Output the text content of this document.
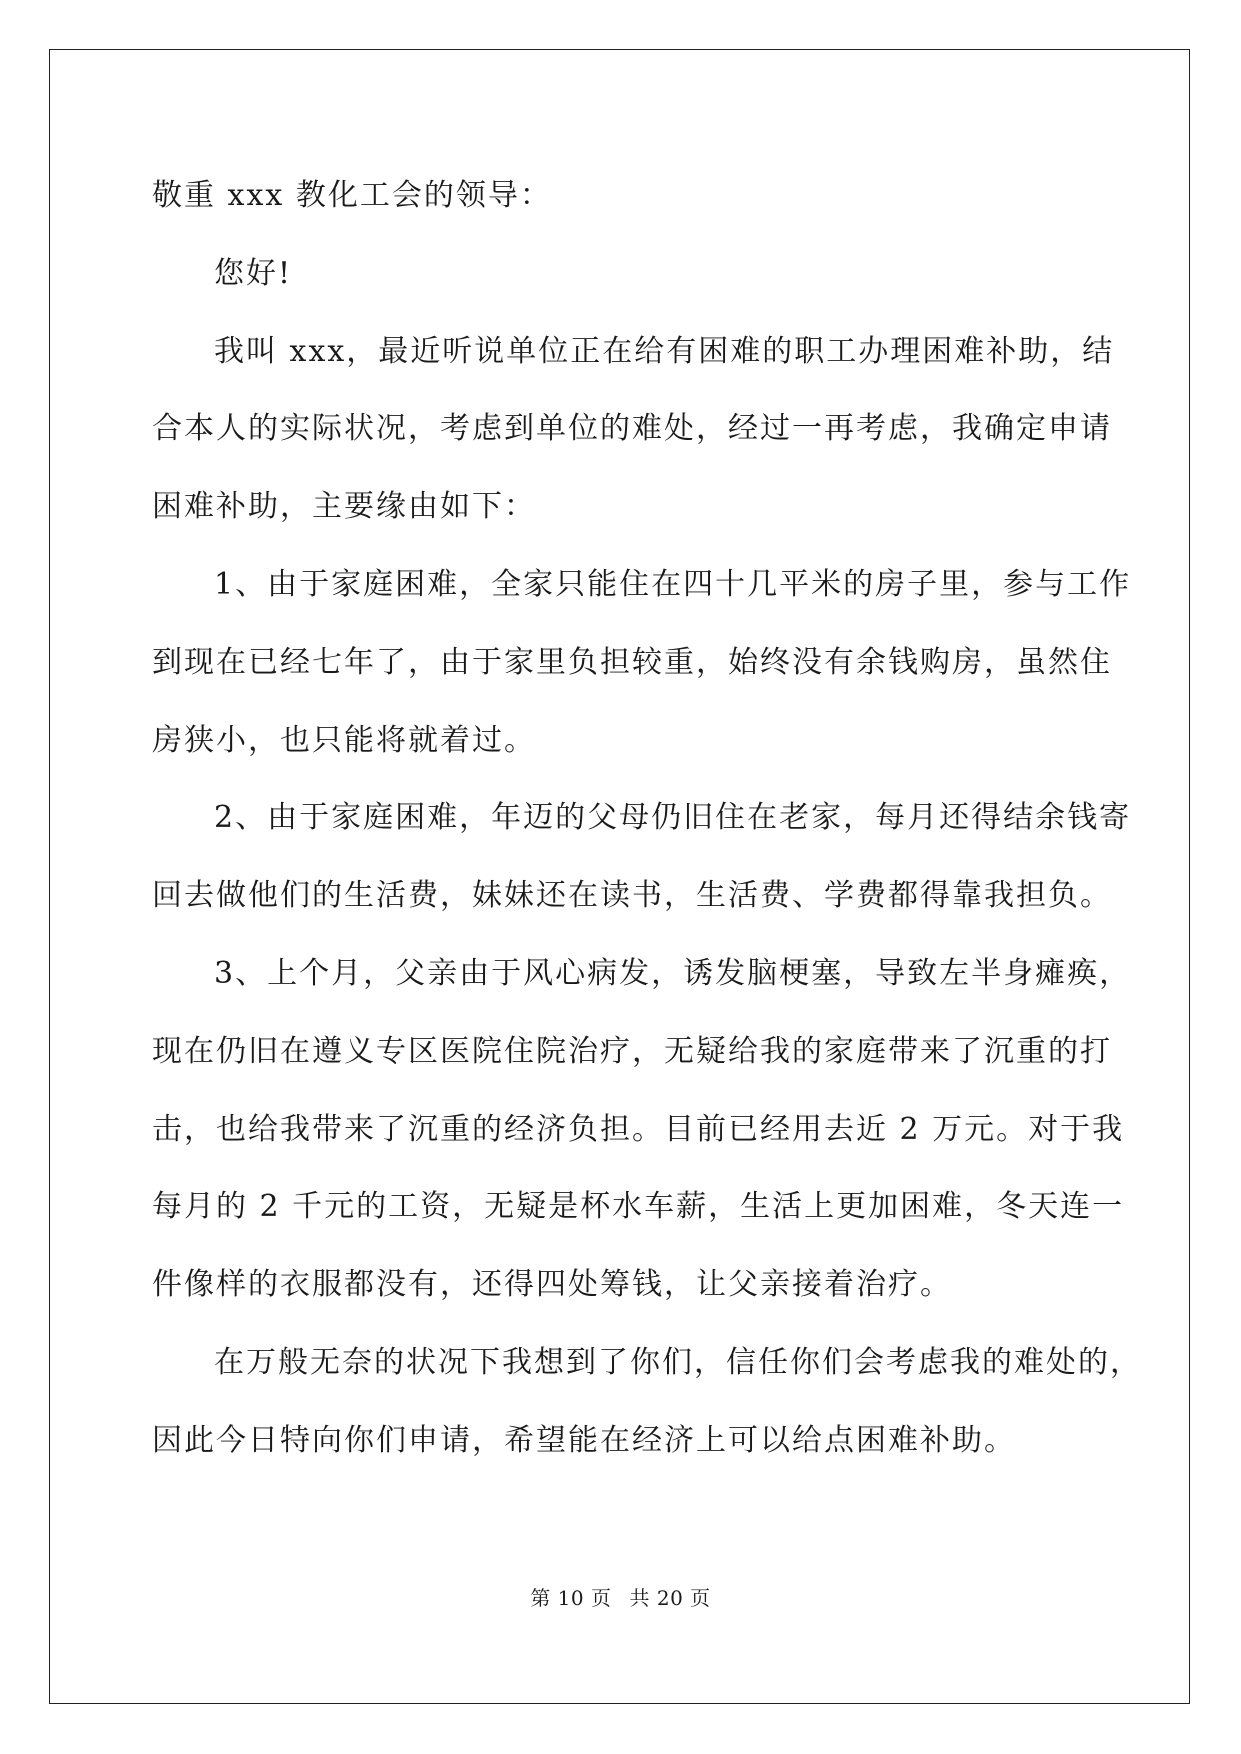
敬重 xxx 教化工会的领导：
您好!
我叫 xxx，最近听说单位正在给有困难的职工办理困难补助，结
合本人的实际状况，考虑到单位的难处，经过一再考虑，我确定申请
困难补助，主要缘由如下：
1、由于家庭困难，全家只能住在四十几平米的房子里，参与工作
到现在已经七年了，由于家里负担较重，始终没有余钱购房，虽然住
房狭小，也只能将就着过。
2、由于家庭困难，年迈的父母仍旧住在老家，每月还得结余钱寄
回去做他们的生活费，妹妹还在读书，生活费、学费都得靠我担负。
3、上个月，父亲由于风心病发，诱发脑梗塞，导致左半身瘫痪，
现在仍旧在遵义专区医院住院治疗，无疑给我的家庭带来了沉重的打
击，也给我带来了沉重的经济负担。目前已经用去近 2 万元。对于我
每月的 2 千元的工资，无疑是杯水车薪，生活上更加困难，冬天连一
件像样的衣服都没有，还得四处筹钱，让父亲接着治疗。
在万般无奈的状况下我想到了你们，信任你们会考虑我的难处的，
因此今日特向你们申请，希望能在经济上可以给点困难补助。
第 10 页 共 20 页
